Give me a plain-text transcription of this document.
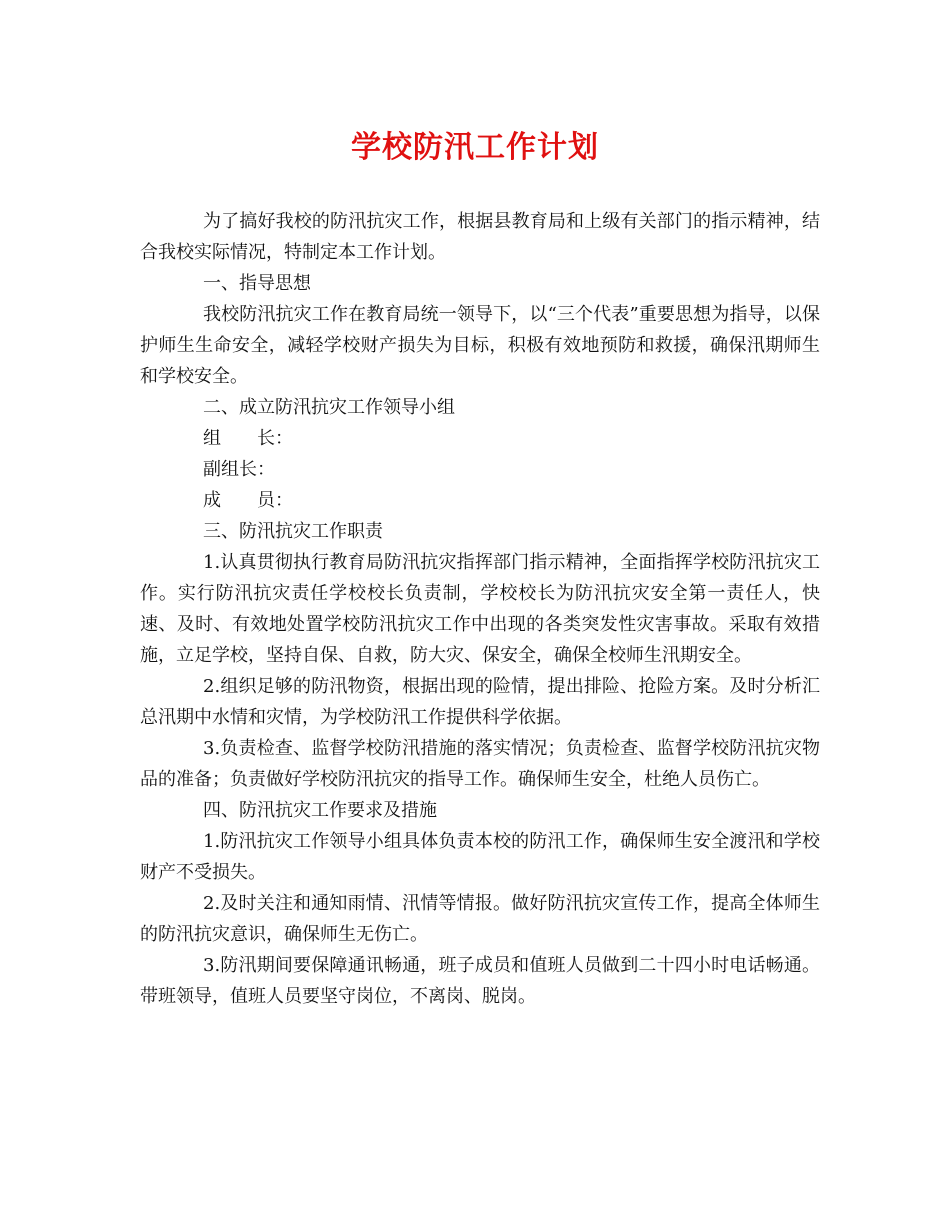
学校防汛工作计划

为了搞好我校的防汛抗灾工作，根据县教育局和上级有关部门的指示精神，结合我校实际情况，特制定本工作计划。

一、指导思想

我校防汛抗灾工作在教育局统一领导下，以“三个代表”重要思想为指导，以保护师生生命安全，减轻学校财产损失为目标，积极有效地预防和救援，确保汛期师生和学校安全。

二、成立防汛抗灾工作领导小组

组　　长：

副组长：

成　　员：

三、防汛抗灾工作职责

1.认真贯彻执行教育局防汛抗灾指挥部门指示精神，全面指挥学校防汛抗灾工作。实行防汛抗灾责任学校校长负责制，学校校长为防汛抗灾安全第一责任人，快速、及时、有效地处置学校防汛抗灾工作中出现的各类突发性灾害事故。采取有效措施，立足学校，坚持自保、自救，防大灾、保安全，确保全校师生汛期安全。

2.组织足够的防汛物资，根据出现的险情，提出排险、抢险方案。及时分析汇总汛期中水情和灾情，为学校防汛工作提供科学依据。

3.负责检查、监督学校防汛措施的落实情况；负责检查、监督学校防汛抗灾物品的准备；负责做好学校防汛抗灾的指导工作。确保师生安全，杜绝人员伤亡。

四、防汛抗灾工作要求及措施

1.防汛抗灾工作领导小组具体负责本校的防汛工作，确保师生安全渡汛和学校财产不受损失。

2.及时关注和通知雨情、汛情等情报。做好防汛抗灾宣传工作，提高全体师生的防汛抗灾意识，确保师生无伤亡。

3.防汛期间要保障通讯畅通，班子成员和值班人员做到二十四小时电话畅通。带班领导，值班人员要坚守岗位，不离岗、脱岗。
